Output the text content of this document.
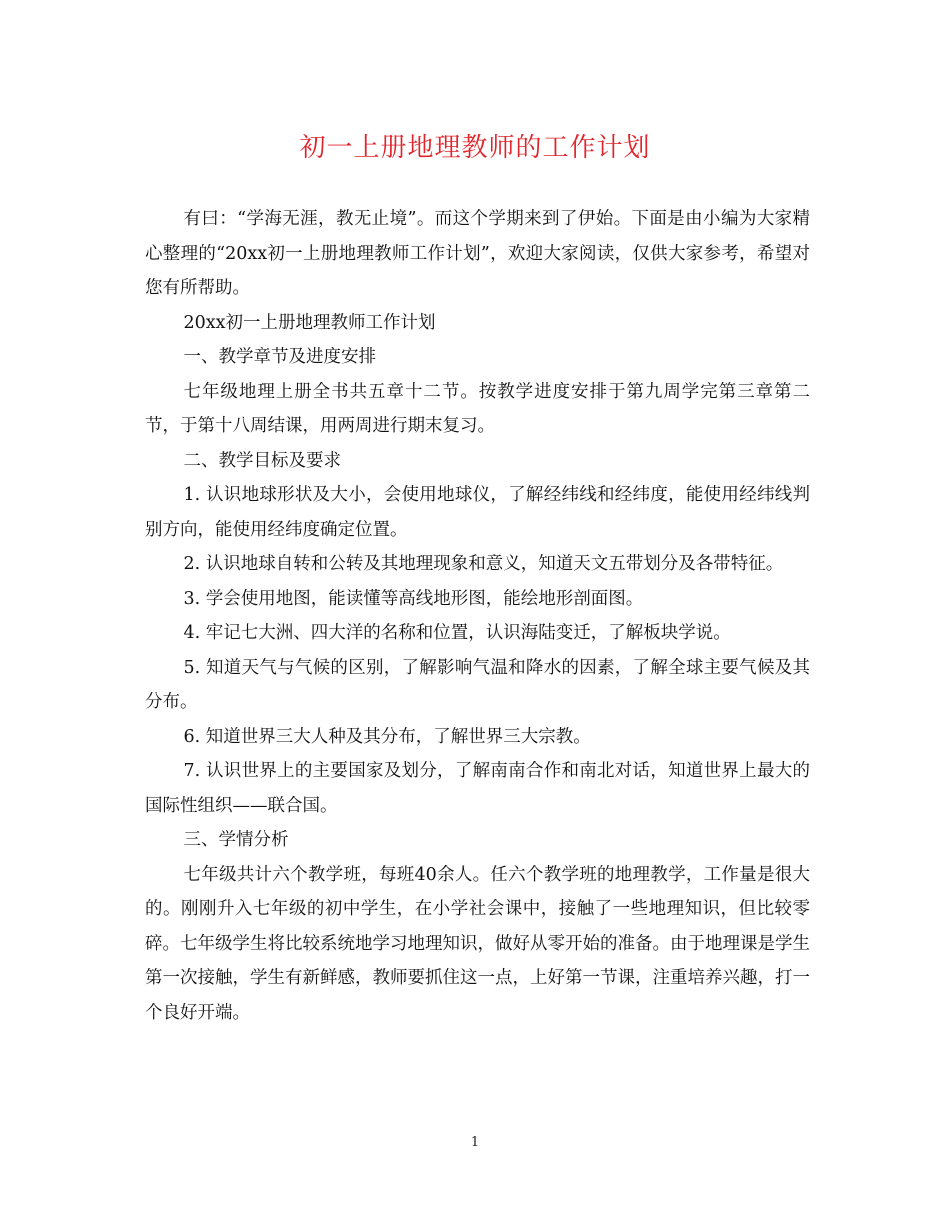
初一上册地理教师的工作计划

有曰：“学海无涯，教无止境”。而这个学期来到了伊始。下面是由小编为大家精心整理的“20xx初一上册地理教师工作计划”，欢迎大家阅读，仅供大家参考，希望对您有所帮助。

20xx初一上册地理教师工作计划

一、教学章节及进度安排

七年级地理上册全书共五章十二节。按教学进度安排于第九周学完第三章第二节，于第十八周结课，用两周进行期末复习。

二、教学目标及要求

1. 认识地球形状及大小，会使用地球仪，了解经纬线和经纬度，能使用经纬线判别方向，能使用经纬度确定位置。

2. 认识地球自转和公转及其地理现象和意义，知道天文五带划分及各带特征。

3. 学会使用地图，能读懂等高线地形图，能绘地形剖面图。

4. 牢记七大洲、四大洋的名称和位置，认识海陆变迁，了解板块学说。

5. 知道天气与气候的区别，了解影响气温和降水的因素，了解全球主要气候及其分布。

6. 知道世界三大人种及其分布，了解世界三大宗教。

7. 认识世界上的主要国家及划分，了解南南合作和南北对话，知道世界上最大的国际性组织——联合国。

三、学情分析

七年级共计六个教学班，每班40余人。任六个教学班的地理教学，工作量是很大的。刚刚升入七年级的初中学生，在小学社会课中，接触了一些地理知识，但比较零碎。七年级学生将比较系统地学习地理知识，做好从零开始的准备。由于地理课是学生第一次接触，学生有新鲜感，教师要抓住这一点，上好第一节课，注重培养兴趣，打一个良好开端。

1
